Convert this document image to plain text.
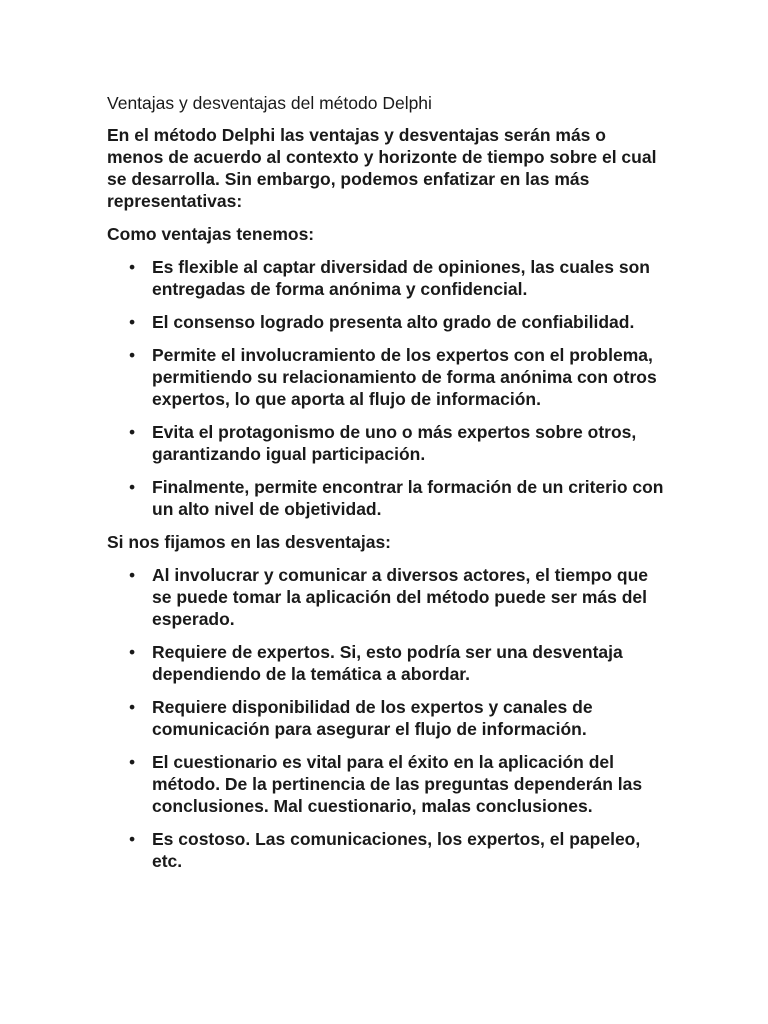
Ventajas y desventajas del método Delphi

En el método Delphi las ventajas y desventajas serán más o menos de acuerdo al contexto y horizonte de tiempo sobre el cual se desarrolla. Sin embargo, podemos enfatizar en las más representativas:

Como ventajas tenemos:

• Es flexible al captar diversidad de opiniones, las cuales son entregadas de forma anónima y confidencial.
• El consenso logrado presenta alto grado de confiabilidad.
• Permite el involucramiento de los expertos con el problema, permitiendo su relacionamiento de forma anónima con otros expertos, lo que aporta al flujo de información.
• Evita el protagonismo de uno o más expertos sobre otros, garantizando igual participación.
• Finalmente, permite encontrar la formación de un criterio con un alto nivel de objetividad.

Si nos fijamos en las desventajas:

• Al involucrar y comunicar a diversos actores, el tiempo que se puede tomar la aplicación del método puede ser más del esperado.
• Requiere de expertos. Si, esto podría ser una desventaja dependiendo de la temática a abordar.
• Requiere disponibilidad de los expertos y canales de comunicación para asegurar el flujo de información.
• El cuestionario es vital para el éxito en la aplicación del método. De la pertinencia de las preguntas dependerán las conclusiones. Mal cuestionario, malas conclusiones.
• Es costoso. Las comunicaciones, los expertos, el papeleo, etc.
